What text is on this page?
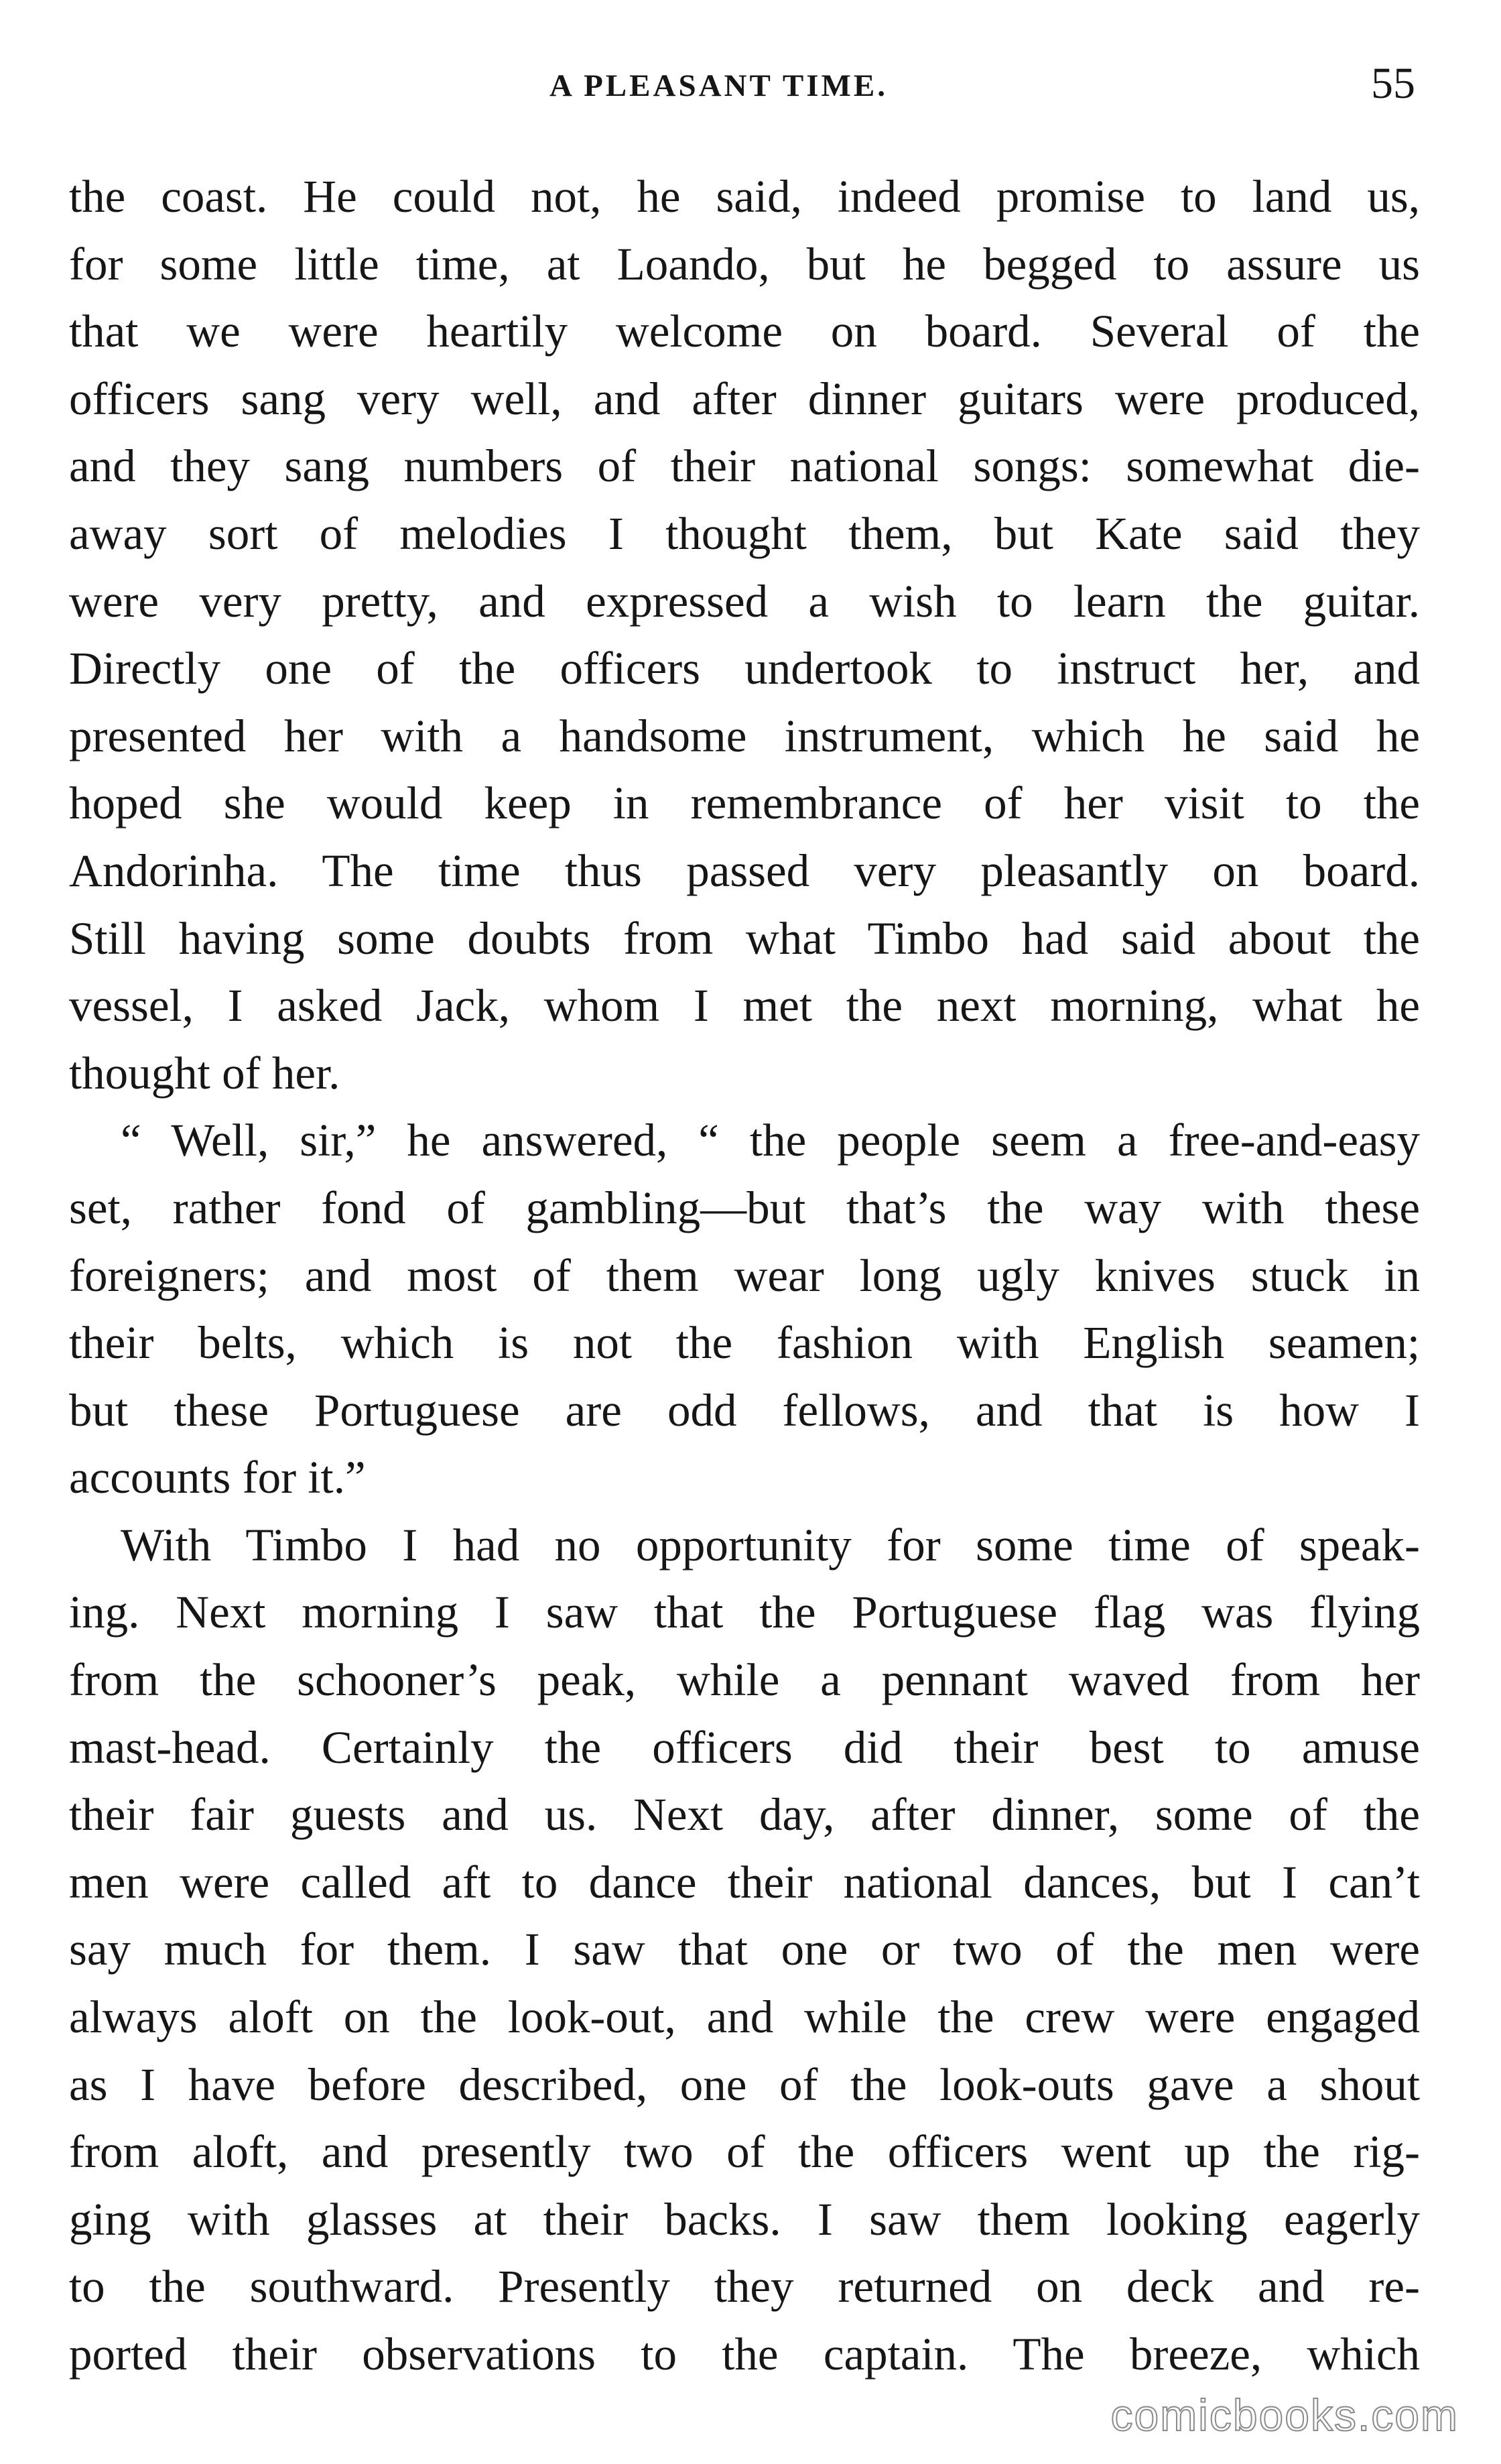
A PLEASANT TIME.	55
the coast. He could not, he said, indeed promise to land us,
for some little time, at Loando, but he begged to assure us
that we were heartily welcome on board. Several of the
officers sang very well, and after dinner guitars were produced,
and they sang numbers of their national songs: somewhat die-
away sort of melodies I thought them, but Kate said they
were very pretty, and expressed a wish to learn the guitar.
Directly one of the officers undertook to instruct her, and
presented her with a handsome instrument, which he said he
hoped she would keep in remembrance of her visit to the
Andorinha. The time thus passed very pleasantly on board.
Still having some doubts from what Timbo had said about the
vessel, I asked Jack, whom I met the next morning, what he
thought of her.
“ Well, sir,” he answered, “ the people seem a free-and-easy
set, rather fond of gambling—but that’s the way with these
foreigners; and most of them wear long ugly knives stuck in
their belts, which is not the fashion with English seamen;
but these Portuguese are odd fellows, and that is how I
accounts for it.”
With Timbo I had no opportunity for some time of speak-
ing. Next morning I saw that the Portuguese flag was flying
from the schooner’s peak, while a pennant waved from her
mast-head. Certainly the officers did their best to amuse
their fair guests and us. Next day, after dinner, some of the
men were called aft to dance their national dances, but I can’t
say much for them. I saw that one or two of the men were
always aloft on the look-out, and while the crew were engaged
as I have before described, one of the look-outs gave a shout
from aloft, and presently two of the officers went up the rig-
ging with glasses at their backs. I saw them looking eagerly
to the southward. Presently they returned on deck and re-
ported their observations to the captain. The breeze, which
comicbooks.com
